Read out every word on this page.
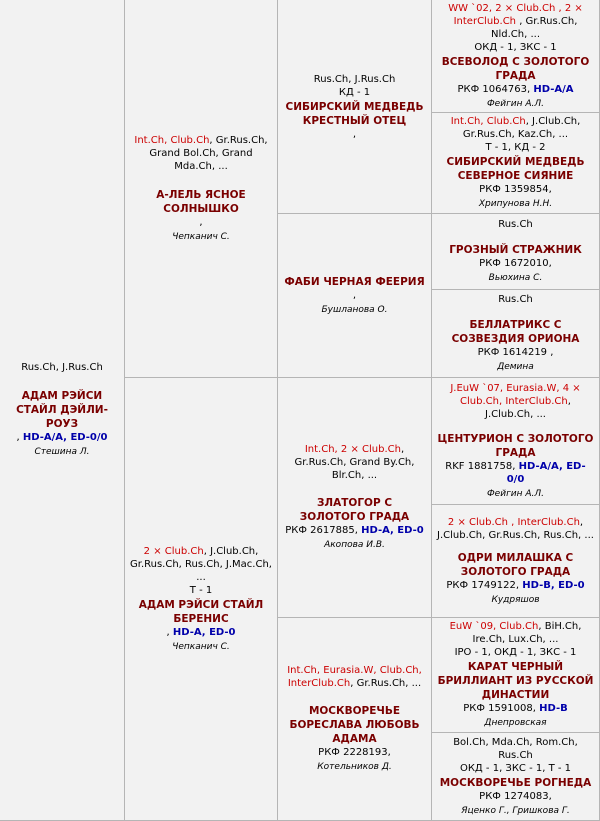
Rus.Ch, J.Rus.Ch
АДАМ РЭЙСИ СТАЙЛ ДЭЙЛИ-РОУЗ
, HD-A/A, ED-0/0
Стешина Л.
Int.Ch, Club.Ch, Gr.Rus.Ch, Grand Bol.Ch, Grand Mda.Ch, ...
А-ЛЕЛЬ ЯСНОЕ СОЛНЫШКО
,
Чепканич С.
2 × Club.Ch, J.Club.Ch, Gr.Rus.Ch, Rus.Ch, J.Mac.Ch, ...
Т - 1
АДАМ РЭЙСИ СТАЙЛ БЕРЕНИС
, HD-A, ED-0
Чепканич С.
Rus.Ch, J.Rus.Ch
КД - 1
СИБИРСКИЙ МЕДВЕДЬ КРЕСТНЫЙ ОТЕЦ
,
ФАБИ ЧЕРНАЯ ФЕЕРИЯ
,
Бушланова О.
Int.Ch, 2 × Club.Ch, Gr.Rus.Ch, Grand By.Ch, Blr.Ch, ...
ЗЛАТОГОР С ЗОЛОТОГО ГРАДА
РКФ 2617885, HD-A, ED-0
Акопова И.В.
Int.Ch, Eurasia.W, Club.Ch, InterClub.Ch, Gr.Rus.Ch, ...
МОСКВОРЕЧЬЕ БОРЕСЛАВА ЛЮБОВЬ АДАМА
РКФ 2228193,
Котельников Д.
WW `02, 2 × Club.Ch , 2 × InterClub.Ch , Gr.Rus.Ch, Nld.Ch, ...
ОКД - 1, ЗКС - 1
ВСЕВОЛОД С ЗОЛОТОГО ГРАДА
РКФ 1064763, HD-A/A
Фейгин А.Л.
Int.Ch, Club.Ch, J.Club.Ch, Gr.Rus.Ch, Kaz.Ch, ...
Т - 1, КД - 2
СИБИРСКИЙ МЕДВЕДЬ СЕВЕРНОЕ СИЯНИЕ
РКФ 1359854,
Хрипунова Н.Н.
Rus.Ch
ГРОЗНЫЙ СТРАЖНИК
РКФ 1672010,
Вьюхина С.
Rus.Ch
БЕЛЛАТРИКС С СОЗВЕЗДИЯ ОРИОНА
РКФ 1614219 ,
Демина
J.EuW `07, Eurasia.W, 4 × Club.Ch, InterClub.Ch, J.Club.Ch, ...
ЦЕНТУРИОН С ЗОЛОТОГО ГРАДА
RKF 1881758, HD-A/A, ED-0/0
Фейгин А.Л.
2 × Club.Ch , InterClub.Ch, J.Club.Ch, Gr.Rus.Ch, Rus.Ch, ...
ОДРИ МИЛАШКА С ЗОЛОТОГО ГРАДА
РКФ 1749122, HD-B, ED-0
Кудряшов
EuW `09, Club.Ch, BiH.Ch, Ire.Ch, Lux.Ch, ...
IPO - 1, ОКД - 1, ЗКС - 1
КАРАТ ЧЕРНЫЙ БРИЛЛИАНТ ИЗ РУССКОЙ ДИНАСТИИ
РКФ 1591008, HD-B
Днепровская
Bol.Ch, Mda.Ch, Rom.Ch, Rus.Ch
ОКД - 1, ЗКС - 1, Т - 1
МОСКВОРЕЧЬЕ РОГНЕДА
РКФ 1274083,
Яценко Г., Гришкова Г.
